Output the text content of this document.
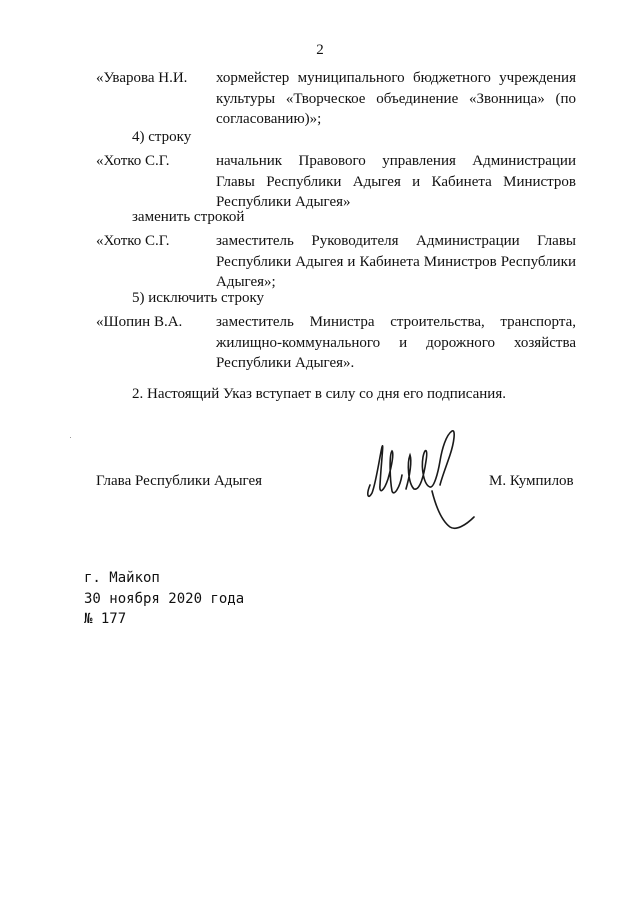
2
«Уварова Н.И. хормейстер муниципального бюджетного учреждения культуры «Творческое объединение «Звонница» (по согласованию)»;
4) строку
«Хотко С.Г.	начальник Правового управления Администрации Главы Республики Адыгея и Кабинета Министров Республики Адыгея»
заменить строкой
«Хотко С.Г.	заместитель Руководителя Администрации Главы Республики Адыгея и Кабинета Министров Республики Адыгея»;
5) исключить строку
«Шопин В.А. заместитель Министра строительства, транспорта, жилищно-коммунального и дорожного хозяйства Республики Адыгея».
2. Настоящий Указ вступает в силу со дня его подписания.
Глава Республики Адыгея	М. Кумпилов
г. Майкоп
30 ноября 2020 года
№ 177
